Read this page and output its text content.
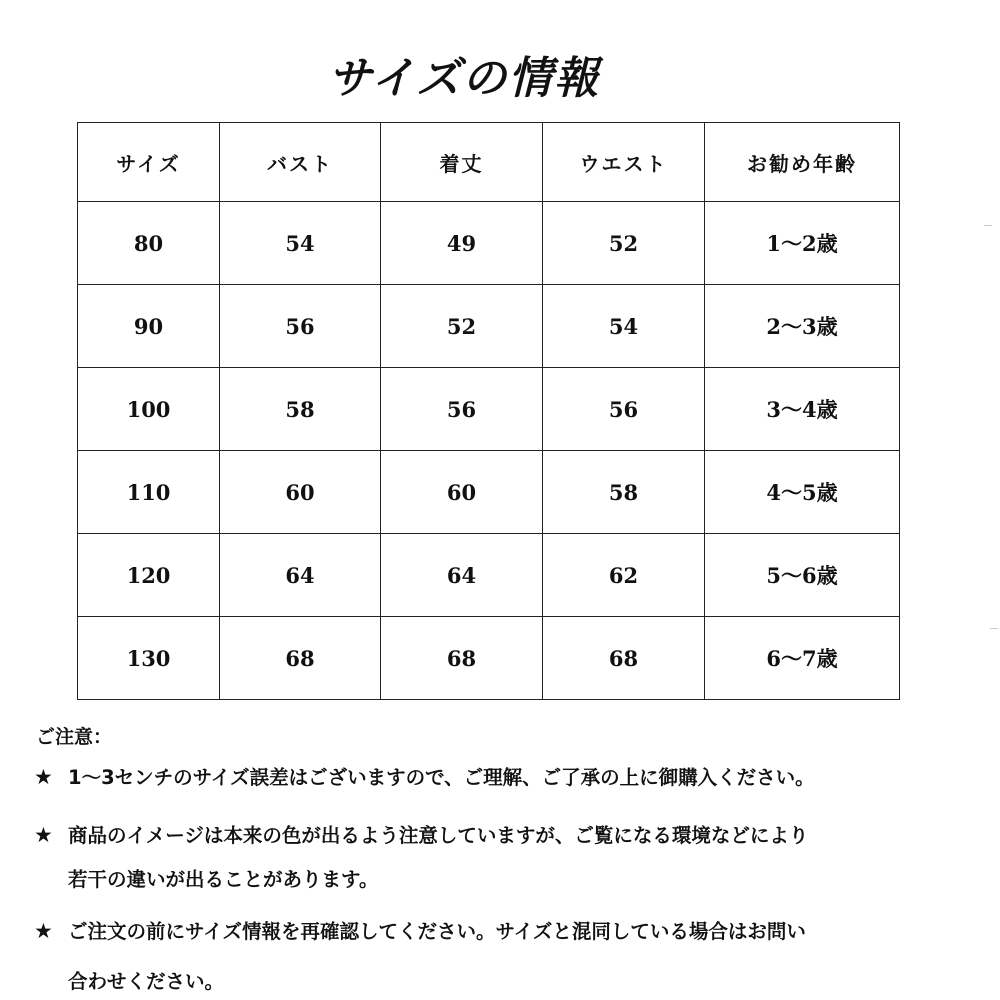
サイズの情報
サイズ	バスト	着丈	ウエスト	お勧め年齢
80	54	49	52	1～2歳
90	56	52	54	2～3歳
100	58	56	56	3～4歳
110	60	60	58	4～5歳
120	64	64	62	5～6歳
130	68	68	68	6～7歳
ご注意：
★ 1～3センチのサイズ誤差はございますので、ご理解、ご了承の上に御購入ください。
★ 商品のイメージは本来の色が出るよう注意していますが、ご覧になる環境などにより
若干の違いが出ることがあります。
★ ご注文の前にサイズ情報を再確認してください。サイズと混同している場合はお問い
合わせください。
